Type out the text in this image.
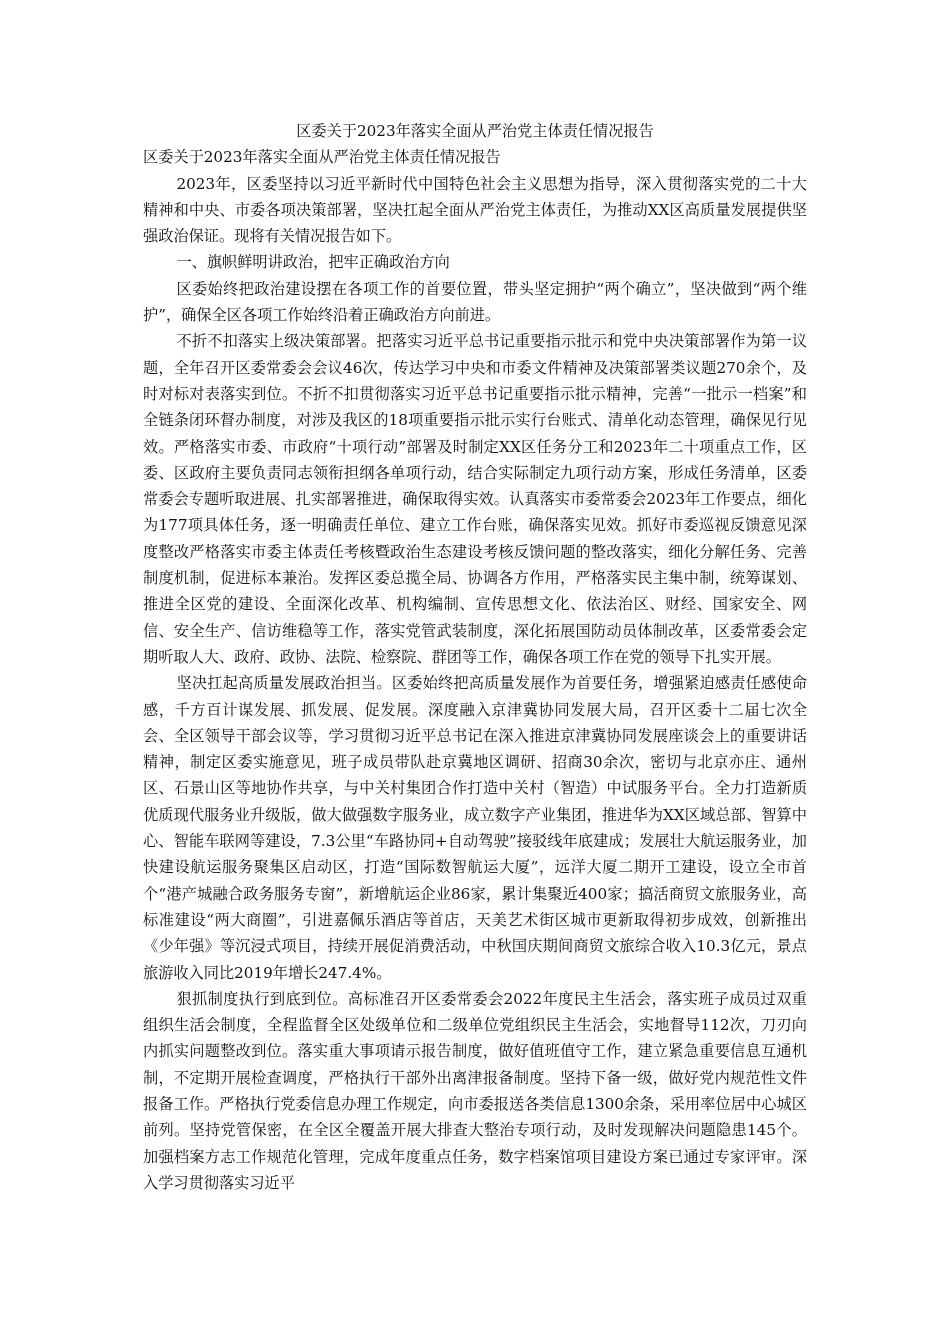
区委关于2023年落实全面从严治党主体责任情况报告

区委关于2023年落实全面从严治党主体责任情况报告

2023年，区委坚持以习近平新时代中国特色社会主义思想为指导，深入贯彻落实党的二十大精神和中央、市委各项决策部署，坚决扛起全面从严治党主体责任，为推动XX区高质量发展提供坚强政治保证。现将有关情况报告如下。

一、旗帜鲜明讲政治，把牢正确政治方向

区委始终把政治建设摆在各项工作的首要位置，带头坚定拥护“两个确立”，坚决做到“两个维护”，确保全区各项工作始终沿着正确政治方向前进。

不折不扣落实上级决策部署。把落实习近平总书记重要指示批示和党中央决策部署作为第一议题，全年召开区委常委会会议46次，传达学习中央和市委文件精神及决策部署类议题270余个，及时对标对表落实到位。不折不扣贯彻落实习近平总书记重要指示批示精神，完善“一批示一档案”和全链条闭环督办制度，对涉及我区的18项重要指示批示实行台账式、清单化动态管理，确保见行见效。严格落实市委、市政府“十项行动”部署及时制定XX区任务分工和2023年二十项重点工作，区委、区政府主要负责同志领衔担纲各单项行动，结合实际制定九项行动方案，形成任务清单，区委常委会专题听取进展、扎实部署推进，确保取得实效。认真落实市委常委会2023年工作要点，细化为177项具体任务，逐一明确责任单位、建立工作台账，确保落实见效。抓好市委巡视反馈意见深度整改严格落实市委主体责任考核暨政治生态建设考核反馈问题的整改落实，细化分解任务、完善制度机制，促进标本兼治。发挥区委总揽全局、协调各方作用，严格落实民主集中制，统筹谋划、推进全区党的建设、全面深化改革、机构编制、宣传思想文化、依法治区、财经、国家安全、网信、安全生产、信访维稳等工作，落实党管武装制度，深化拓展国防动员体制改革，区委常委会定期听取人大、政府、政协、法院、检察院、群团等工作，确保各项工作在党的领导下扎实开展。

坚决扛起高质量发展政治担当。区委始终把高质量发展作为首要任务，增强紧迫感责任感使命感，千方百计谋发展、抓发展、促发展。深度融入京津冀协同发展大局，召开区委十二届七次全会、全区领导干部会议等，学习贯彻习近平总书记在深入推进京津冀协同发展座谈会上的重要讲话精神，制定区委实施意见，班子成员带队赴京冀地区调研、招商30余次，密切与北京亦庄、通州区、石景山区等地协作共享，与中关村集团合作打造中关村（智造）中试服务平台。全力打造新质优质现代服务业升级版，做大做强数字服务业，成立数字产业集团，推进华为XX区域总部、智算中心、智能车联网等建设，7.3公里“车路协同+自动驾驶”接驳线年底建成；发展壮大航运服务业，加快建设航运服务聚集区启动区，打造“国际数智航运大厦”，远洋大厦二期开工建设，设立全市首个“港产城融合政务服务专窗”，新增航运企业86家，累计集聚近400家；搞活商贸文旅服务业，高标准建设“两大商圈”，引进嘉佩乐酒店等首店，天美艺术街区城市更新取得初步成效，创新推出《少年强》等沉浸式项目，持续开展促消费活动，中秋国庆期间商贸文旅综合收入10.3亿元，景点旅游收入同比2019年增长247.4%。

狠抓制度执行到底到位。高标准召开区委常委会2022年度民主生活会，落实班子成员过双重组织生活会制度，全程监督全区处级单位和二级单位党组织民主生活会，实地督导112次，刀刃向内抓实问题整改到位。落实重大事项请示报告制度，做好值班值守工作，建立紧急重要信息互通机制，不定期开展检查调度，严格执行干部外出离津报备制度。坚持下备一级，做好党内规范性文件报备工作。严格执行党委信息办理工作规定，向市委报送各类信息1300余条，采用率位居中心城区前列。坚持党管保密，在全区全覆盖开展大排查大整治专项行动，及时发现解决问题隐患145个。加强档案方志工作规范化管理，完成年度重点任务，数字档案馆项目建设方案已通过专家评审。深入学习贯彻落实习近平
